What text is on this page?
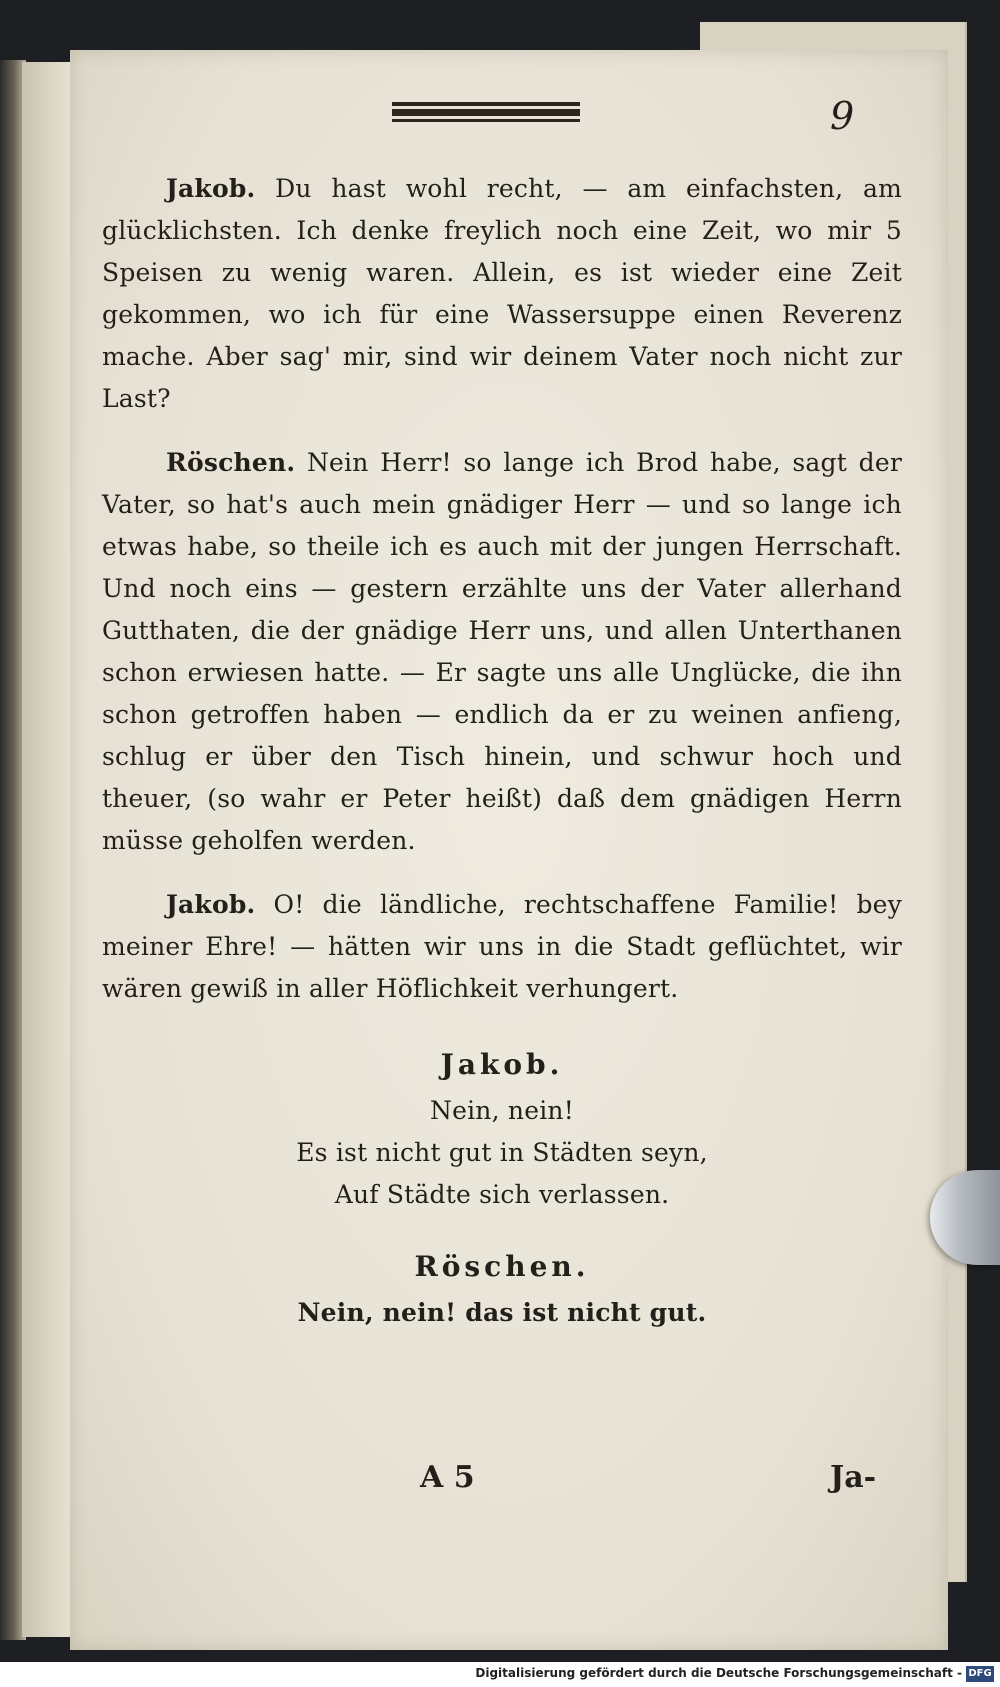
9

Jakob. Du hast wohl recht, — am einfachsten, am glücklichsten. Ich denke freylich noch eine Zeit, wo mir 5 Speisen zu wenig waren. Allein, es ist wieder eine Zeit gekommen, wo ich für eine Wassersuppe einen Reverenz mache. Aber sag' mir, sind wir deinem Vater noch nicht zur Last?

Röschen. Nein Herr! so lange ich Brod habe, sagt der Vater, so hat's auch mein gnädiger Herr — und so lange ich etwas habe, so theile ich es auch mit der jungen Herrschaft. Und noch eins — gestern erzählte uns der Vater allerhand Gutthaten, die der gnädige Herr uns, und allen Unterthanen schon erwiesen hatte. — Er sagte uns alle Unglücke, die ihn schon getroffen haben — endlich da er zu weinen anfieng, schlug er über den Tisch hinein, und schwur hoch und theuer, (so wahr er Peter heißt) daß dem gnädigen Herrn müsse geholfen werden.

Jakob. O! die ländliche, rechtschaffene Familie! bey meiner Ehre! — hätten wir uns in die Stadt geflüchtet, wir wären gewiß in aller Höflichkeit verhungert.

Jakob.
Nein, nein!
Es ist nicht gut in Städten seyn,
Auf Städte sich verlassen.
Röschen.
Nein, nein! das ist nicht gut.
A 5	Ja-
Digitalisierung gefördert durch die Deutsche Forschungsgemeinschaft - DFG
